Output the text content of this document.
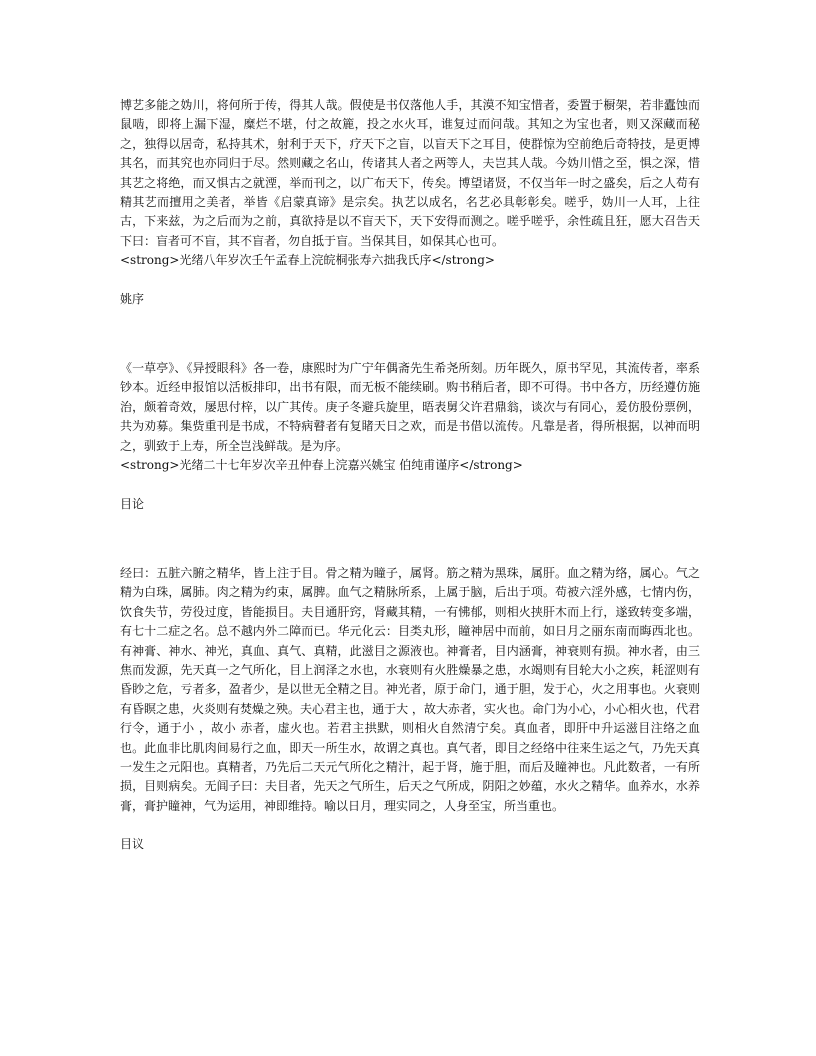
博艺多能之妫川，将何所于传，得其人哉。假使是书仅落他人手，其漠不知宝惜者，委置于橱架，若非蠹蚀而鼠啮，即将上漏下湿，糜烂不堪，付之故簏，投之水火耳，谁复过而问哉。其知之为宝也者，则又深藏而秘之，独得以居奇，私持其术，射利于天下，疗天下之盲，以盲天下之耳目，使群惊为空前绝后奇特技，是更博其名，而其究也亦同归于尽。然则藏之名山，传诸其人者之两等人，夫岂其人哉。今妫川惜之至，惧之深，惜其艺之将绝，而又惧古之就湮，举而刊之，以广布天下，传矣。博望诸贤，不仅当年一时之盛矣，后之人苟有精其艺而擅用之美者，举皆《启蒙真谛》是宗矣。执艺以成名，名艺必具彰彰矣。嗟乎，妫川一人耳，上往古，下来兹，为之后而为之前，真欲持是以不盲天下，天下安得而测之。嗟乎嗟乎，余性疏且狂，愿大召告天下曰：盲者可不盲，其不盲者，勿自抵于盲。当保其目，如保其心也可。

<strong>光绪八年岁次壬午孟春上浣皖桐张寿六拙我氏序</strong>

姚序

《一草亭》、《异授眼科》各一卷，康熙时为广宁年偶斋先生希尧所刻。历年既久，原书罕见，其流传者，率系钞本。近经申报馆以活板排印，出书有限，而无板不能续刷。购书稍后者，即不可得。书中各方，历经遵仿施治，颇着奇效，屡思付梓，以广其传。庚子冬避兵旋里，晤表舅父许君鼎翁，谈次与有同心，爰仿股份票例，共为劝募。集赀重刊是书成，不特病瞽者有复睹天日之欢，而是书借以流传。凡靠是者，得所根据，以神而明之，驯致于上寿，所全岂浅鲜哉。是为序。

<strong>光绪二十七年岁次辛丑仲春上浣嘉兴姚宝 伯纯甫谨序</strong>

目论

经曰：五脏六腑之精华，皆上注于目。骨之精为瞳子，属肾。筋之精为黑珠，属肝。血之精为络，属心。气之精为白珠，属肺。肉之精为约束，属脾。血气之精脉所系，上属于脑，后出于项。苟被六淫外感，七情内伤，饮食失节，劳役过度，皆能损目。夫目通肝窍，肾藏其精，一有怫郁，则相火挟肝木而上行，遂致转变多端，有七十二症之名。总不越内外二障而已。华元化云：目类丸形，瞳神居中而前，如日月之丽东南而晦西北也。有神膏、神水、神光，真血、真气、真精，此滋目之源液也。神膏者，目内涵膏，神衰则有损。神水者，由三焦而发源，先天真一之气所化，目上润泽之水也，水衰则有火胜燥暴之患，水竭则有目轮大小之疾，耗涩则有昏眇之危，亏者多，盈者少，是以世无全精之目。神光者，原于命门，通于胆，发于心，火之用事也。火衰则有昏瞑之患，火炎则有焚燥之殃。夫心君主也，通于大 ，故大赤者，实火也。命门为小心，小心相火也，代君行令，通于小 ，故小 赤者，虚火也。若君主拱默，则相火自然清宁矣。真血者，即肝中升运滋目注络之血也。此血非比肌肉间易行之血，即天一所生水，故谓之真也。真气者，即目之经络中往来生运之气，乃先天真一发生之元阳也。真精者，乃先后二天元气所化之精汁，起于肾，施于胆，而后及瞳神也。凡此数者，一有所损，目则病矣。无闾子曰：夫目者，先天之气所生，后天之气所成，阴阳之妙蕴，水火之精华。血养水，水养膏，膏护瞳神，气为运用，神即维持。喻以日月，理实同之，人身至宝，所当重也。

目议
